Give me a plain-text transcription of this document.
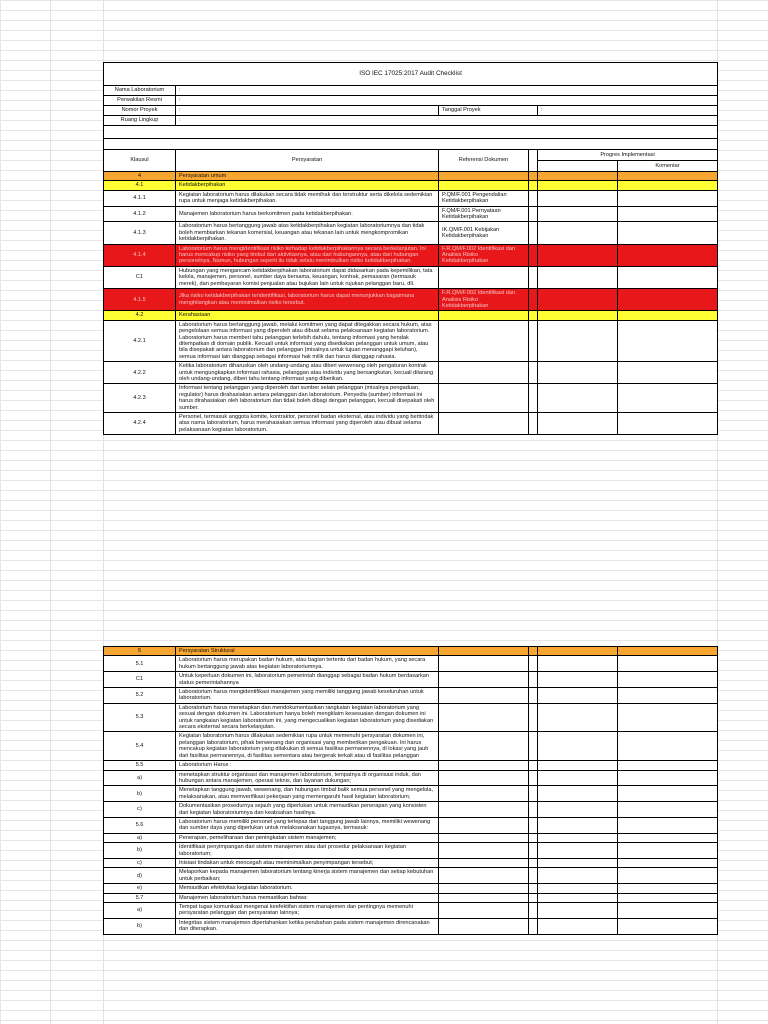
ISO IEC 17025:2017 Audit Checklist					
Nama Laboratorium	:				
Perwakilan Resmi	:				
Nomor Proyek	:	Tanggal Proyek		:	
Ruang Lingkup	:				

Klausul	Persyaratan	Referensi Dokumen		Progres Implementasi	
					Komentar
4	Persyaratan umum				
4.1	Ketidakberpihakan				
4.1.1	Kegiatan laboratorium harus dilakukan secara tidak memihak dan terstruktur serta dikelola sedemikian rupa untuk menjaga ketidakberpihakan.	P.QM/F.001 Pengendalian Ketidakberpihakan			
4.1.2	Manajemen laboratorium harus berkomitmen pada ketidakberpihakan.	F.QM/F.001 Pernyataan Ketidakberpihakan			
4.1.3	Laboratorium harus bertanggung jawab atas ketidakberpihakan kegiatan laboratoriumnya dan tidak boleh membiarkan tekanan komersial, keuangan atau tekanan lain untuk mengkompromikan ketidakberpihakan.	IK.QM/F.001 Kebijakan Ketidakberpihakan			
4.1.4	Laboratorium harus mengidentifikasi risiko terhadap ketidakberpihakannya secara berkelanjutan. Ini harus mencakup risiko yang timbul dari aktivitasnya, atau dari hubungannya, atau dari hubungan personelnya. Namun, hubungan seperti itu tidak selalu menimbulkan risiko ketidakberpihakan.	F.R.QM/F.002 Identifikasi dan Analisis Risiko Ketidakberpihakan			
C1	Hubungan yang mengancam ketidakberpihakan laboratorium dapat didasarkan pada kepemilikan, tata kelola, manajemen, personel, sumber daya bersama, keuangan, kontrak, pemasaran (termasuk merek), dan pembayaran komisi penjualan atau bujukan lain untuk rujukan pelanggan baru, dll.				
4.1.5	Jika risiko ketidakberpihakan teridentifikasi, laboratorium harus dapat menunjukkan bagaimana menghilangkan atau meminimalkan risiko tersebut.	F.R.QM/F.002 Identifikasi dan Analisis Risiko Ketidakberpihakan			
4.2	Kerahasiaan				
4.2.1	Laboratorium harus bertanggung jawab, melalui komitmen yang dapat ditegakkan secara hukum, atas pengelolaan semua informasi yang diperoleh atau dibuat selama pelaksanaan kegiatan laboratorium. Laboratorium harus memberi tahu pelanggan terlebih dahulu, tentang informasi yang hendak ditempatkan di domain publik. Kecuali untuk informasi yang disediakan pelanggan untuk umum, atau bila disepakati antara laboratorium dan pelanggan (misalnya untuk tujuan menanggapi keluhan), semua informasi lain dianggap sebagai informasi hak milik dan harus dianggap rahasia.				
4.2.2	Ketika laboratorium diharuskan oleh undang-undang atau diberi wewenang oleh pengaturan kontrak untuk mengungkapkan informasi rahasia, pelanggan atau individu yang bersangkutan, kecuali dilarang oleh undang-undang, diberi tahu tentang informasi yang diberikan.				
4.2.3	Informasi tentang pelanggan yang diperoleh dari sumber selain pelanggan (misalnya pengaduan, regulator) harus dirahasiakan antara pelanggan dan laboratorium. Penyedia (sumber) informasi ini harus dirahasiakan oleh laboratorium dan tidak boleh dibagi dengan pelanggan, kecuali disepakati oleh sumber.				
4.2.4	Personel, termasuk anggota komite, kontraktor, personel badan eksternal, atau individu yang bertindak atas nama laboratorium, harus merahasiakan semua informasi yang diperoleh atau dibuat selama pelaksanaan kegiatan laboratorium.				
5	Persyaratan Struktural				
5.1	Laboratorium harus merupakan badan hukum, atau bagian tertentu dari badan hukum, yang secara hukum bertanggung jawab atas kegiatan laboratoriumnya.				
C1	Untuk keperluan dokumen ini, laboratorium pemerintah dianggap sebagai badan hukum berdasarkan status pemerintahannya				
5.2	Laboratorium harus mengidentifikasi manajemen yang memiliki tanggung jawab keseluruhan untuk laboratorium.				
5.3	Laboratorium harus menetapkan dan mendokumentasikan rangkaian kegiatan laboratorium yang sesuai dengan dokumen ini. Laboratorium hanya boleh mengklaim kesesuaian dengan dokumen ini untuk rangkaian kegiatan laboratorium ini, yang mengecualikan kegiatan laboratorium yang disediakan secara eksternal secara berkelanjutan.				
5.4	Kegiatan laboratorium harus dilakukan sedemikian rupa untuk memenuhi persyaratan dokumen ini, pelanggan laboratorium, pihak berwenang dan organisasi yang memberikan pengakuan. Ini harus mencakup kegiatan laboratorium yang dilakukan di semua fasilitas permanennya, di lokasi yang jauh dari fasilitas permanennya, di fasilitas sementara atau bergerak terkait atau di fasilitas pelanggan				
5.5	Laboratorium Harus :				
a)	menetapkan struktur organisasi dan manajemen laboratorium, tempatnya di organisasi induk, dan hubungan antara manajemen, operasi teknis, dan layanan dukungan;				
b)	Menetapkan tanggung jawab, wewenang, dan hubungan timbal balik semua personel yang mengelola, melaksanakan, atau memverifikasi pekerjaan yang memengaruhi hasil kegiatan laboratorium;				
c)	Dokumentasikan prosedurnya sejauh yang diperlukan untuk memastikan penerapan yang konsisten dari kegiatan laboratoriumnya dan keabsahan hasilnya.				
5.6	Laboratorium harus memiliki personel yang terlepas dari tanggung jawab lainnya, memiliki wewenang dan sumber daya yang diperlukan untuk melaksanakan tugasnya, termasuk:				
a)	Penerapan, pemeliharaan dan peningkatan sistem manajemen;				
b)	Identifikasi penyimpangan dari sistem manajemen atau dari prosedur pelaksanaan kegiatan laboratorium;				
c)	Inisiasi tindakan untuk mencegah atau meminimalkan penyimpangan tersebut;				
d)	Melaporkan kepada manajemen laboratorium tentang kinerja sistem manajemen dan setiap kebutuhan untuk perbaikan;				
e)	Memastikan efektivitas kegiatan laboratorium.				
5.7	Manajemen laboratorium harus memastikan bahwa:				
a)	Tempat tugas komunikasi mengenai keefektifan sistem manajemen dan pentingnya memenuhi persyaratan pelanggan dan persyaratan lainnya;				
b)	Integritas sistem manajemen dipertahankan ketika perubahan pada sistem manajemen direncanakan dan diterapkan.				
